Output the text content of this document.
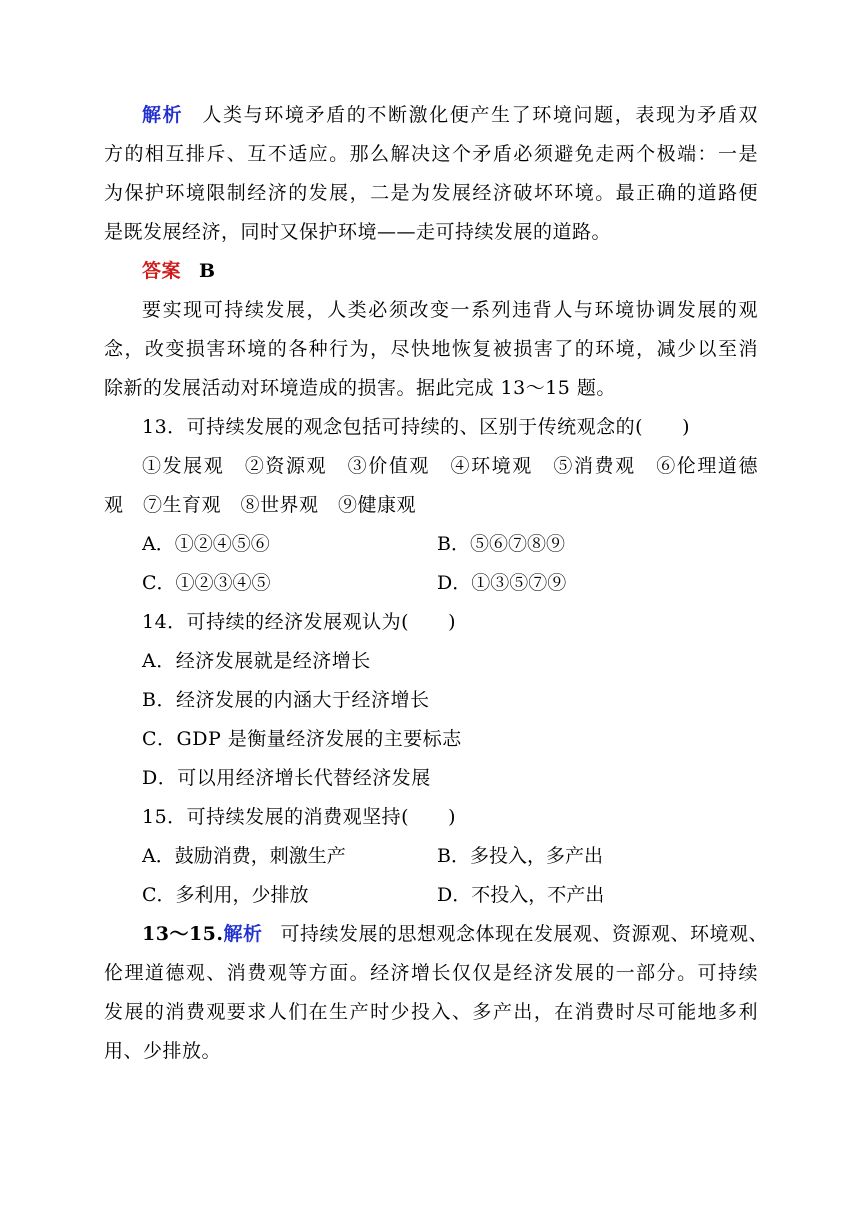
解析 人类与环境矛盾的不断激化便产生了环境问题，表现为矛盾双
方的相互排斥、互不适应。那么解决这个矛盾必须避免走两个极端：一是
为保护环境限制经济的发展，二是为发展经济破坏环境。最正确的道路便
是既发展经济，同时又保护环境——走可持续发展的道路。
答案 B
要实现可持续发展，人类必须改变一系列违背人与环境协调发展的观
念，改变损害环境的各种行为，尽快地恢复被损害了的环境，减少以至消
除新的发展活动对环境造成的损害。据此完成 13～15 题。
13．可持续发展的观念包括可持续的、区别于传统观念的(　　)
①发展观　②资源观　③价值观　④环境观　⑤消费观　⑥伦理道德
观　⑦生育观　⑧世界观　⑨健康观
A．①②④⑤⑥	B．⑤⑥⑦⑧⑨
C．①②③④⑤	D．①③⑤⑦⑨
14．可持续的经济发展观认为(　　)
A．经济发展就是经济增长
B．经济发展的内涵大于经济增长
C．GDP 是衡量经济发展的主要标志
D．可以用经济增长代替经济发展
15．可持续发展的消费观坚持(　　)
A．鼓励消费，刺激生产	B．多投入，多产出
C．多利用，少排放	D．不投入，不产出
13～15.解析 可持续发展的思想观念体现在发展观、资源观、环境观、
伦理道德观、消费观等方面。经济增长仅仅是经济发展的一部分。可持续
发展的消费观要求人们在生产时少投入、多产出，在消费时尽可能地多利
用、少排放。
